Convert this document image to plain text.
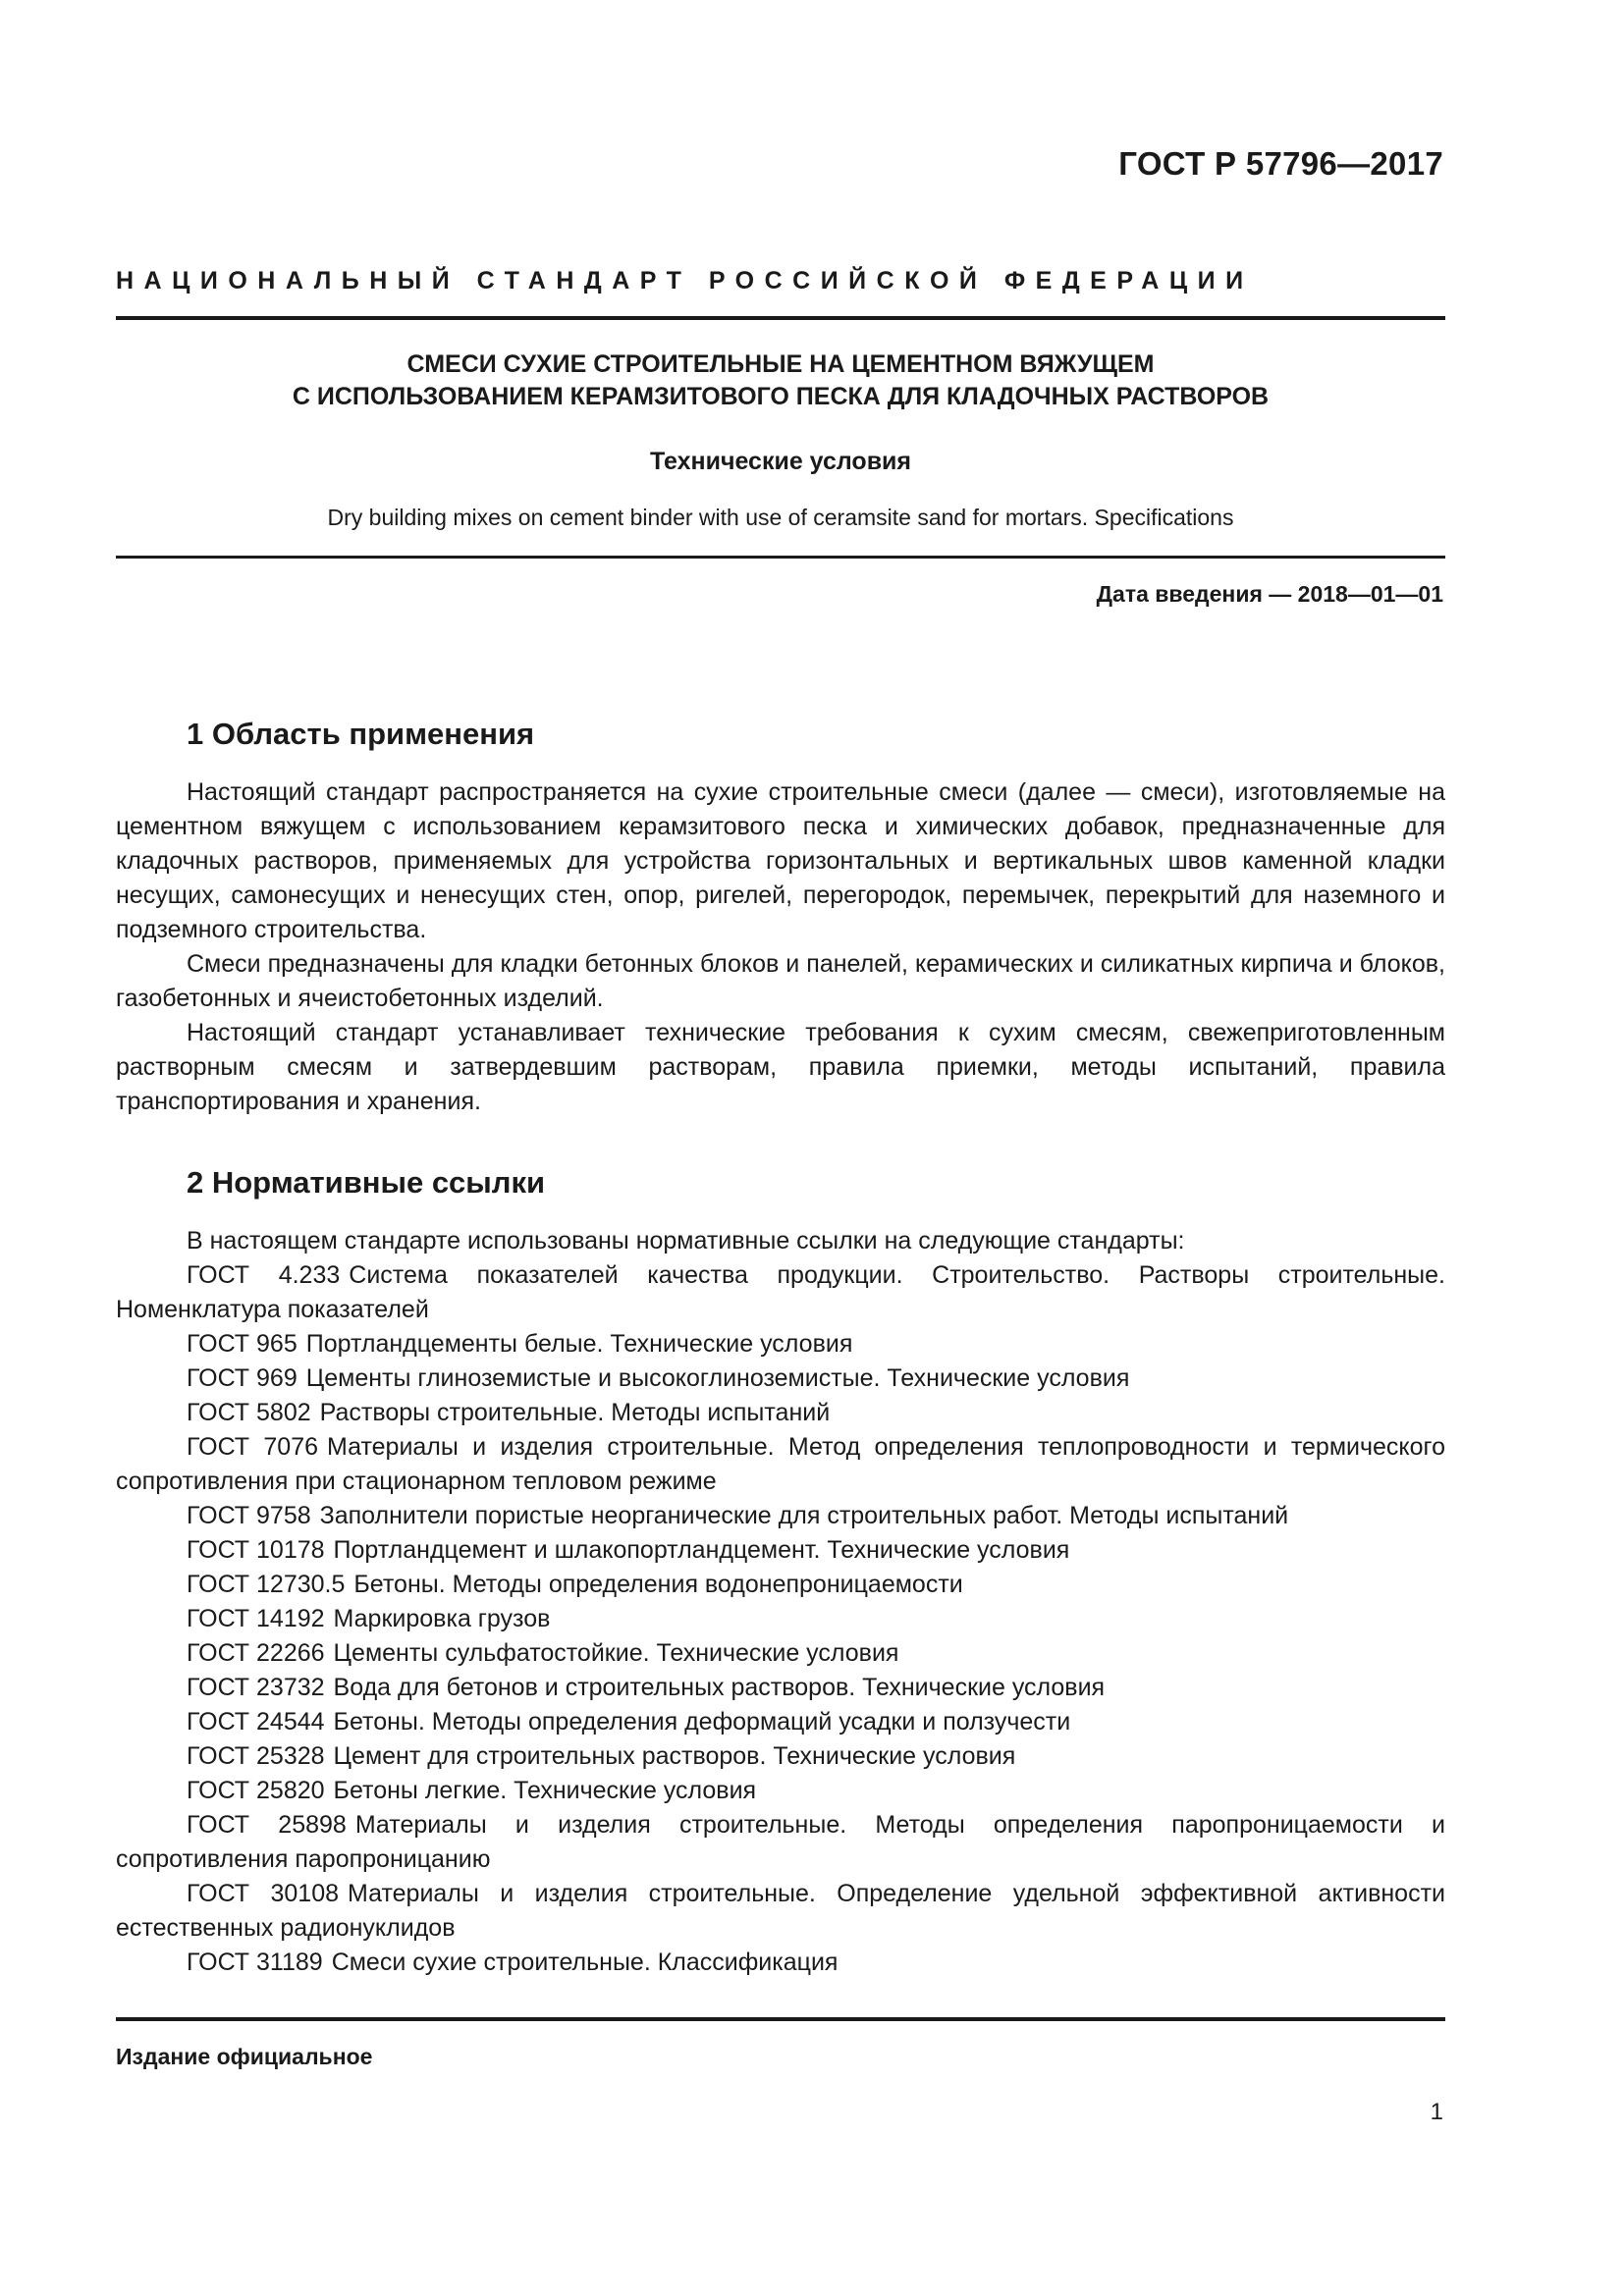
ГОСТ Р 57796—2017
НАЦИОНАЛЬНЫЙ СТАНДАРТ РОССИЙСКОЙ ФЕДЕРАЦИИ
СМЕСИ СУХИЕ СТРОИТЕЛЬНЫЕ НА ЦЕМЕНТНОМ ВЯЖУЩЕМ
С ИСПОЛЬЗОВАНИЕМ КЕРАМЗИТОВОГО ПЕСКА ДЛЯ КЛАДОЧНЫХ РАСТВОРОВ
Технические условия
Dry building mixes on cement binder with use of ceramsite sand for mortars. Specifications
Дата введения — 2018—01—01
1 Область применения

Настоящий стандарт распространяется на сухие строительные смеси (далее — смеси), изготовляемые на цементном вяжущем с использованием керамзитового песка и химических добавок, предназначенные для кладочных растворов, применяемых для устройства горизонтальных и вертикальных швов каменной кладки несущих, самонесущих и ненесущих стен, опор, ригелей, перегородок, перемычек, перекрытий для наземного и подземного строительства.

Смеси предназначены для кладки бетонных блоков и панелей, керамических и силикатных кирпича и блоков, газобетонных и ячеистобетонных изделий.

Настоящий стандарт устанавливает технические требования к сухим смесям, свежеприготовленным растворным смесям и затвердевшим растворам, правила приемки, методы испытаний, правила транспортирования и хранения.

2 Нормативные ссылки

В настоящем стандарте использованы нормативные ссылки на следующие стандарты:

ГОСТ 4.233 Система показателей качества продукции. Строительство. Растворы строительные. Номенклатура показателей

ГОСТ 965 Портландцементы белые. Технические условия

ГОСТ 969 Цементы глиноземистые и высокоглиноземистые. Технические условия

ГОСТ 5802 Растворы строительные. Методы испытаний

ГОСТ 7076 Материалы и изделия строительные. Метод определения теплопроводности и термического сопротивления при стационарном тепловом режиме

ГОСТ 9758 Заполнители пористые неорганические для строительных работ. Методы испытаний

ГОСТ 10178 Портландцемент и шлакопортландцемент. Технические условия

ГОСТ 12730.5 Бетоны. Методы определения водонепроницаемости

ГОСТ 14192 Маркировка грузов

ГОСТ 22266 Цементы сульфатостойкие. Технические условия

ГОСТ 23732 Вода для бетонов и строительных растворов. Технические условия

ГОСТ 24544 Бетоны. Методы определения деформаций усадки и ползучести

ГОСТ 25328 Цемент для строительных растворов. Технические условия

ГОСТ 25820 Бетоны легкие. Технические условия

ГОСТ 25898 Материалы и изделия строительные. Методы определения паропроницаемости и сопротивления паропроницанию

ГОСТ 30108 Материалы и изделия строительные. Определение удельной эффективной активности естественных радионуклидов

ГОСТ 31189 Смеси сухие строительные. Классификация

Издание официальное
1
